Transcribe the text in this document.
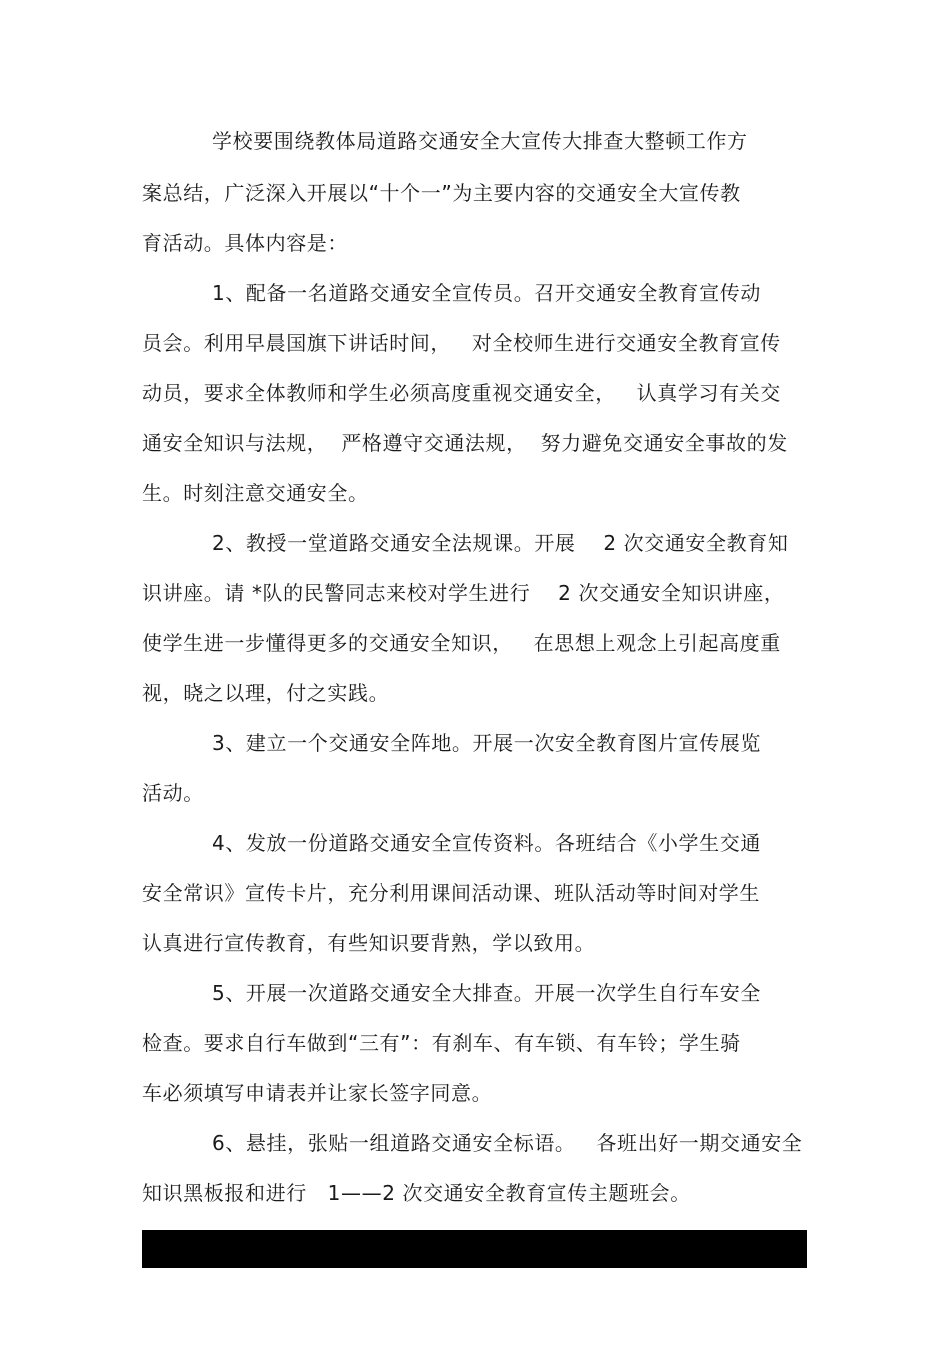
学校要围绕教体局道路交通安全大宣传大排查大整顿工作方
案总结，广泛深入开展以“十个一”为主要内容的交通安全大宣传教
育活动。具体内容是：
1、配备一名道路交通安全宣传员。召开交通安全教育宣传动
员会。利用早晨国旗下讲话时间，   对全校师生进行交通安全教育宣传
动员，要求全体教师和学生必须高度重视交通安全，   认真学习有关交
通安全知识与法规，  严格遵守交通法规，  努力避免交通安全事故的发
生。时刻注意交通安全。
2、教授一堂道路交通安全法规课。开展    2 次交通安全教育知
识讲座。请 *队的民警同志来校对学生进行    2 次交通安全知识讲座，
使学生进一步懂得更多的交通安全知识，   在思想上观念上引起高度重
视，晓之以理，付之实践。
3、建立一个交通安全阵地。开展一次安全教育图片宣传展览
活动。
4、发放一份道路交通安全宣传资料。各班结合《小学生交通
安全常识》宣传卡片，充分利用课间活动课、班队活动等时间对学生
认真进行宣传教育，有些知识要背熟，学以致用。
5、开展一次道路交通安全大排查。开展一次学生自行车安全
检查。要求自行车做到“三有”：有刹车、有车锁、有车铃；学生骑
车必须填写申请表并让家长签字同意。
6、悬挂，张贴一组道路交通安全标语。   各班出好一期交通安全
知识黑板报和进行   1——2 次交通安全教育宣传主题班会。
